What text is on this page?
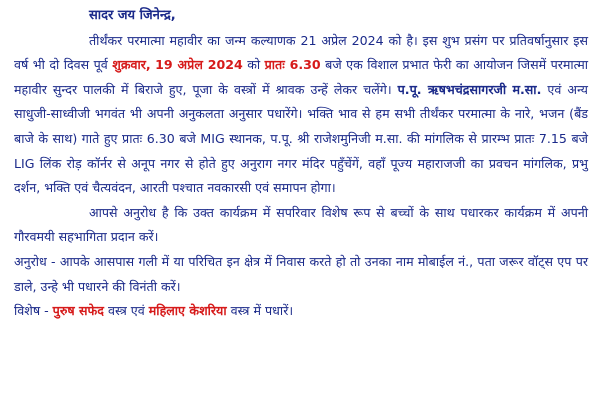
सादर जय जिनेन्द्र,

तीर्थंकर परमात्मा महावीर का जन्म कल्याणक 21 अप्रेल 2024 को है। इस शुभ प्रसंग पर प्रतिवर्षानुसार इस वर्ष भी दो दिवस पूर्व शुक्रवार, 19 अप्रेल 2024 को प्रातः 6.30 बजे एक विशाल प्रभात फेरी का आयोजन जिसमें परमात्मा महावीर सुन्दर पालकी में बिराजे हुए, पूजा के वस्त्रों में श्रावक उन्हें लेकर चलेंगे। प.पू. ऋषभचंद्रसागरजी म.सा. एवं अन्य साधुजी-साध्वीजी भगवंत भी अपनी अनुकलता अनुसार पधारेंगे। भक्ति भाव से हम सभी तीर्थंकर परमात्मा के नारे, भजन (बैंड बाजे के साथ) गाते हुए प्रातः 6.30 बजे MIG स्थानक, प.पू. श्री राजेशमुनिजी म.सा. की मांगलिक से प्रारम्भ प्रातः 7.15 बजे LIG लिंक रोड़ कॉर्नर से अनूप नगर से होते हुए अनुराग नगर मंदिर पहुँचेंगें, वहाँ पूज्य महाराजजी का प्रवचन मांगलिक, प्रभु दर्शन, भक्ति एवं चैत्यवंदन, आरती पश्चात नवकारसी एवं समापन होगा।

आपसे अनुरोध है कि उक्त कार्यक्रम में सपरिवार विशेष रूप से बच्चों के साथ पधारकर कार्यक्रम में अपनी गौरवमयी सहभागिता प्रदान करें।

अनुरोध - आपके आसपास गली में या परिचित इन क्षेत्र में निवास करते हो तो उनका नाम मोबाईल नं., पता जरूर वॉट्स एप पर डाले, उन्हे भी पधारने की विनंती करें।

विशेष - पुरुष सफेद वस्त्र एवं महिलाए केशरिया वस्त्र में पधारें।
